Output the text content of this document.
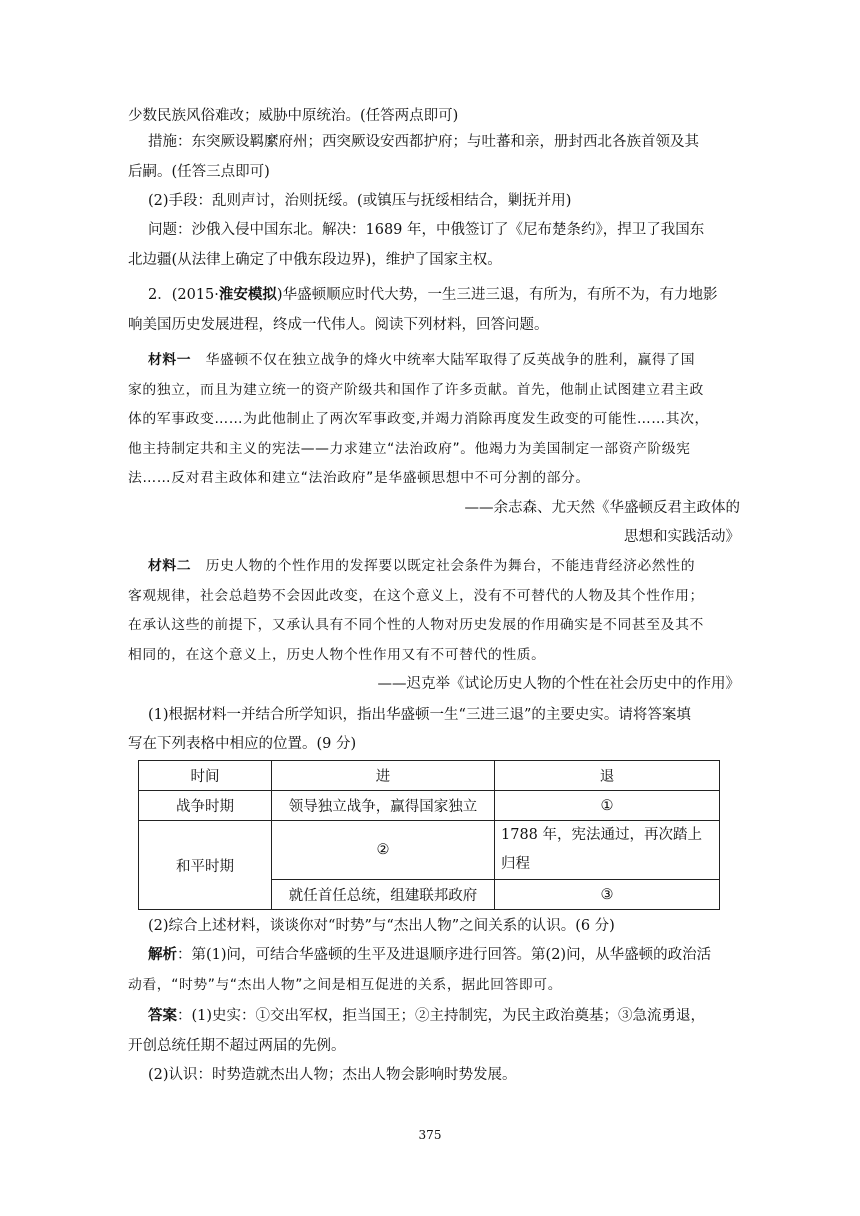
少数民族风俗难改；威胁中原统治。(任答两点即可)

措施：东突厥设羁縻府州；西突厥设安西都护府；与吐蕃和亲，册封西北各族首领及其

后嗣。(任答三点即可)

(2)手段：乱则声讨，治则抚绥。(或镇压与抚绥相结合，剿抚并用)

问题：沙俄入侵中国东北。解决：1689 年，中俄签订了《尼布楚条约》，捍卫了我国东

北边疆(从法律上确定了中俄东段边界)，维护了国家主权。

2．(2015·淮安模拟)华盛顿顺应时代大势，一生三进三退，有所为，有所不为，有力地影

响美国历史发展进程，终成一代伟人。阅读下列材料，回答问题。

材料一　华盛顿不仅在独立战争的烽火中统率大陆军取得了反英战争的胜利，赢得了国

家的独立，而且为建立统一的资产阶级共和国作了许多贡献。首先，他制止试图建立君主政

体的军事政变……为此他制止了两次军事政变,并竭力消除再度发生政变的可能性……其次，

他主持制定共和主义的宪法——力求建立“法治政府”。他竭力为美国制定一部资产阶级宪

法……反对君主政体和建立“法治政府”是华盛顿思想中不可分割的部分。

——余志森、尤天然《华盛顿反君主政体的

思想和实践活动》

材料二　历史人物的个性作用的发挥要以既定社会条件为舞台，不能违背经济必然性的

客观规律，社会总趋势不会因此改变，在这个意义上，没有不可替代的人物及其个性作用；

在承认这些的前提下，又承认具有不同个性的人物对历史发展的作用确实是不同甚至及其不

相同的，在这个意义上，历史人物个性作用又有不可替代的性质。

——迟克举《试论历史人物的个性在社会历史中的作用》

(1)根据材料一并结合所学知识，指出华盛顿一生“三进三退”的主要史实。请将答案填

写在下列表格中相应的位置。(9 分)

时间	进	退
战争时期	领导独立战争，赢得国家独立	①
和平时期	②	1788 年，宪法通过，再次踏上归程
	就任首任总统，组建联邦政府	③

(2)综合上述材料，谈谈你对“时势”与“杰出人物”之间关系的认识。(6 分)

解析：第(1)问，可结合华盛顿的生平及进退顺序进行回答。第(2)问，从华盛顿的政治活

动看，“时势”与“杰出人物”之间是相互促进的关系，据此回答即可。

答案：(1)史实：①交出军权，拒当国王；②主持制宪，为民主政治奠基；③急流勇退，

开创总统任期不超过两届的先例。

(2)认识：时势造就杰出人物；杰出人物会影响时势发展。

375
